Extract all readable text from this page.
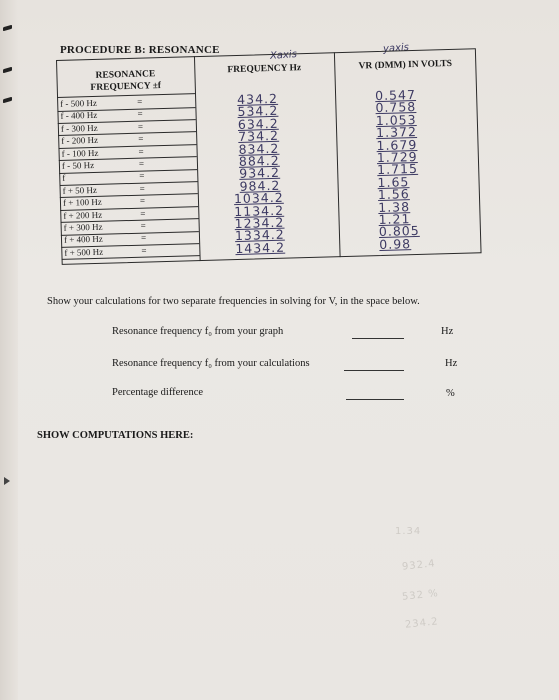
PROCEDURE B: RESONANCE	Xaxis
yaxis
RESONANCE
FREQUENCY ±f
FREQUENCY Hz	VR (DMM) IN VOLTS
f - 500 Hz	=	434.2	0.547
f - 400 Hz	=	534.2	0.758
f - 300 Hz	=	634.2	1.053
f - 200 Hz	=	734.2	1.372
f - 100 Hz	=	834.2	1.679
f - 50 Hz	=	884.2	1.729
f	=	934.2	1.715
f + 50 Hz	=	984.2	1.65
f + 100 Hz	=	1034.2	1.56
f + 200 Hz	=	1134.2	1.38
f + 300 Hz	=	1234.2	1.21
f + 400 Hz	=	1334.2	0.805
f + 500 Hz	=	1434.2	0.98
Show your calculations for two separate frequencies in solving for V, in the space below.
Resonance frequency f₀ from your graph	Hz
Resonance frequency f₀ from your calculations	Hz
Percentage difference	%
SHOW COMPUTATIONS HERE:
1.34
932.4
532 %
234.2
